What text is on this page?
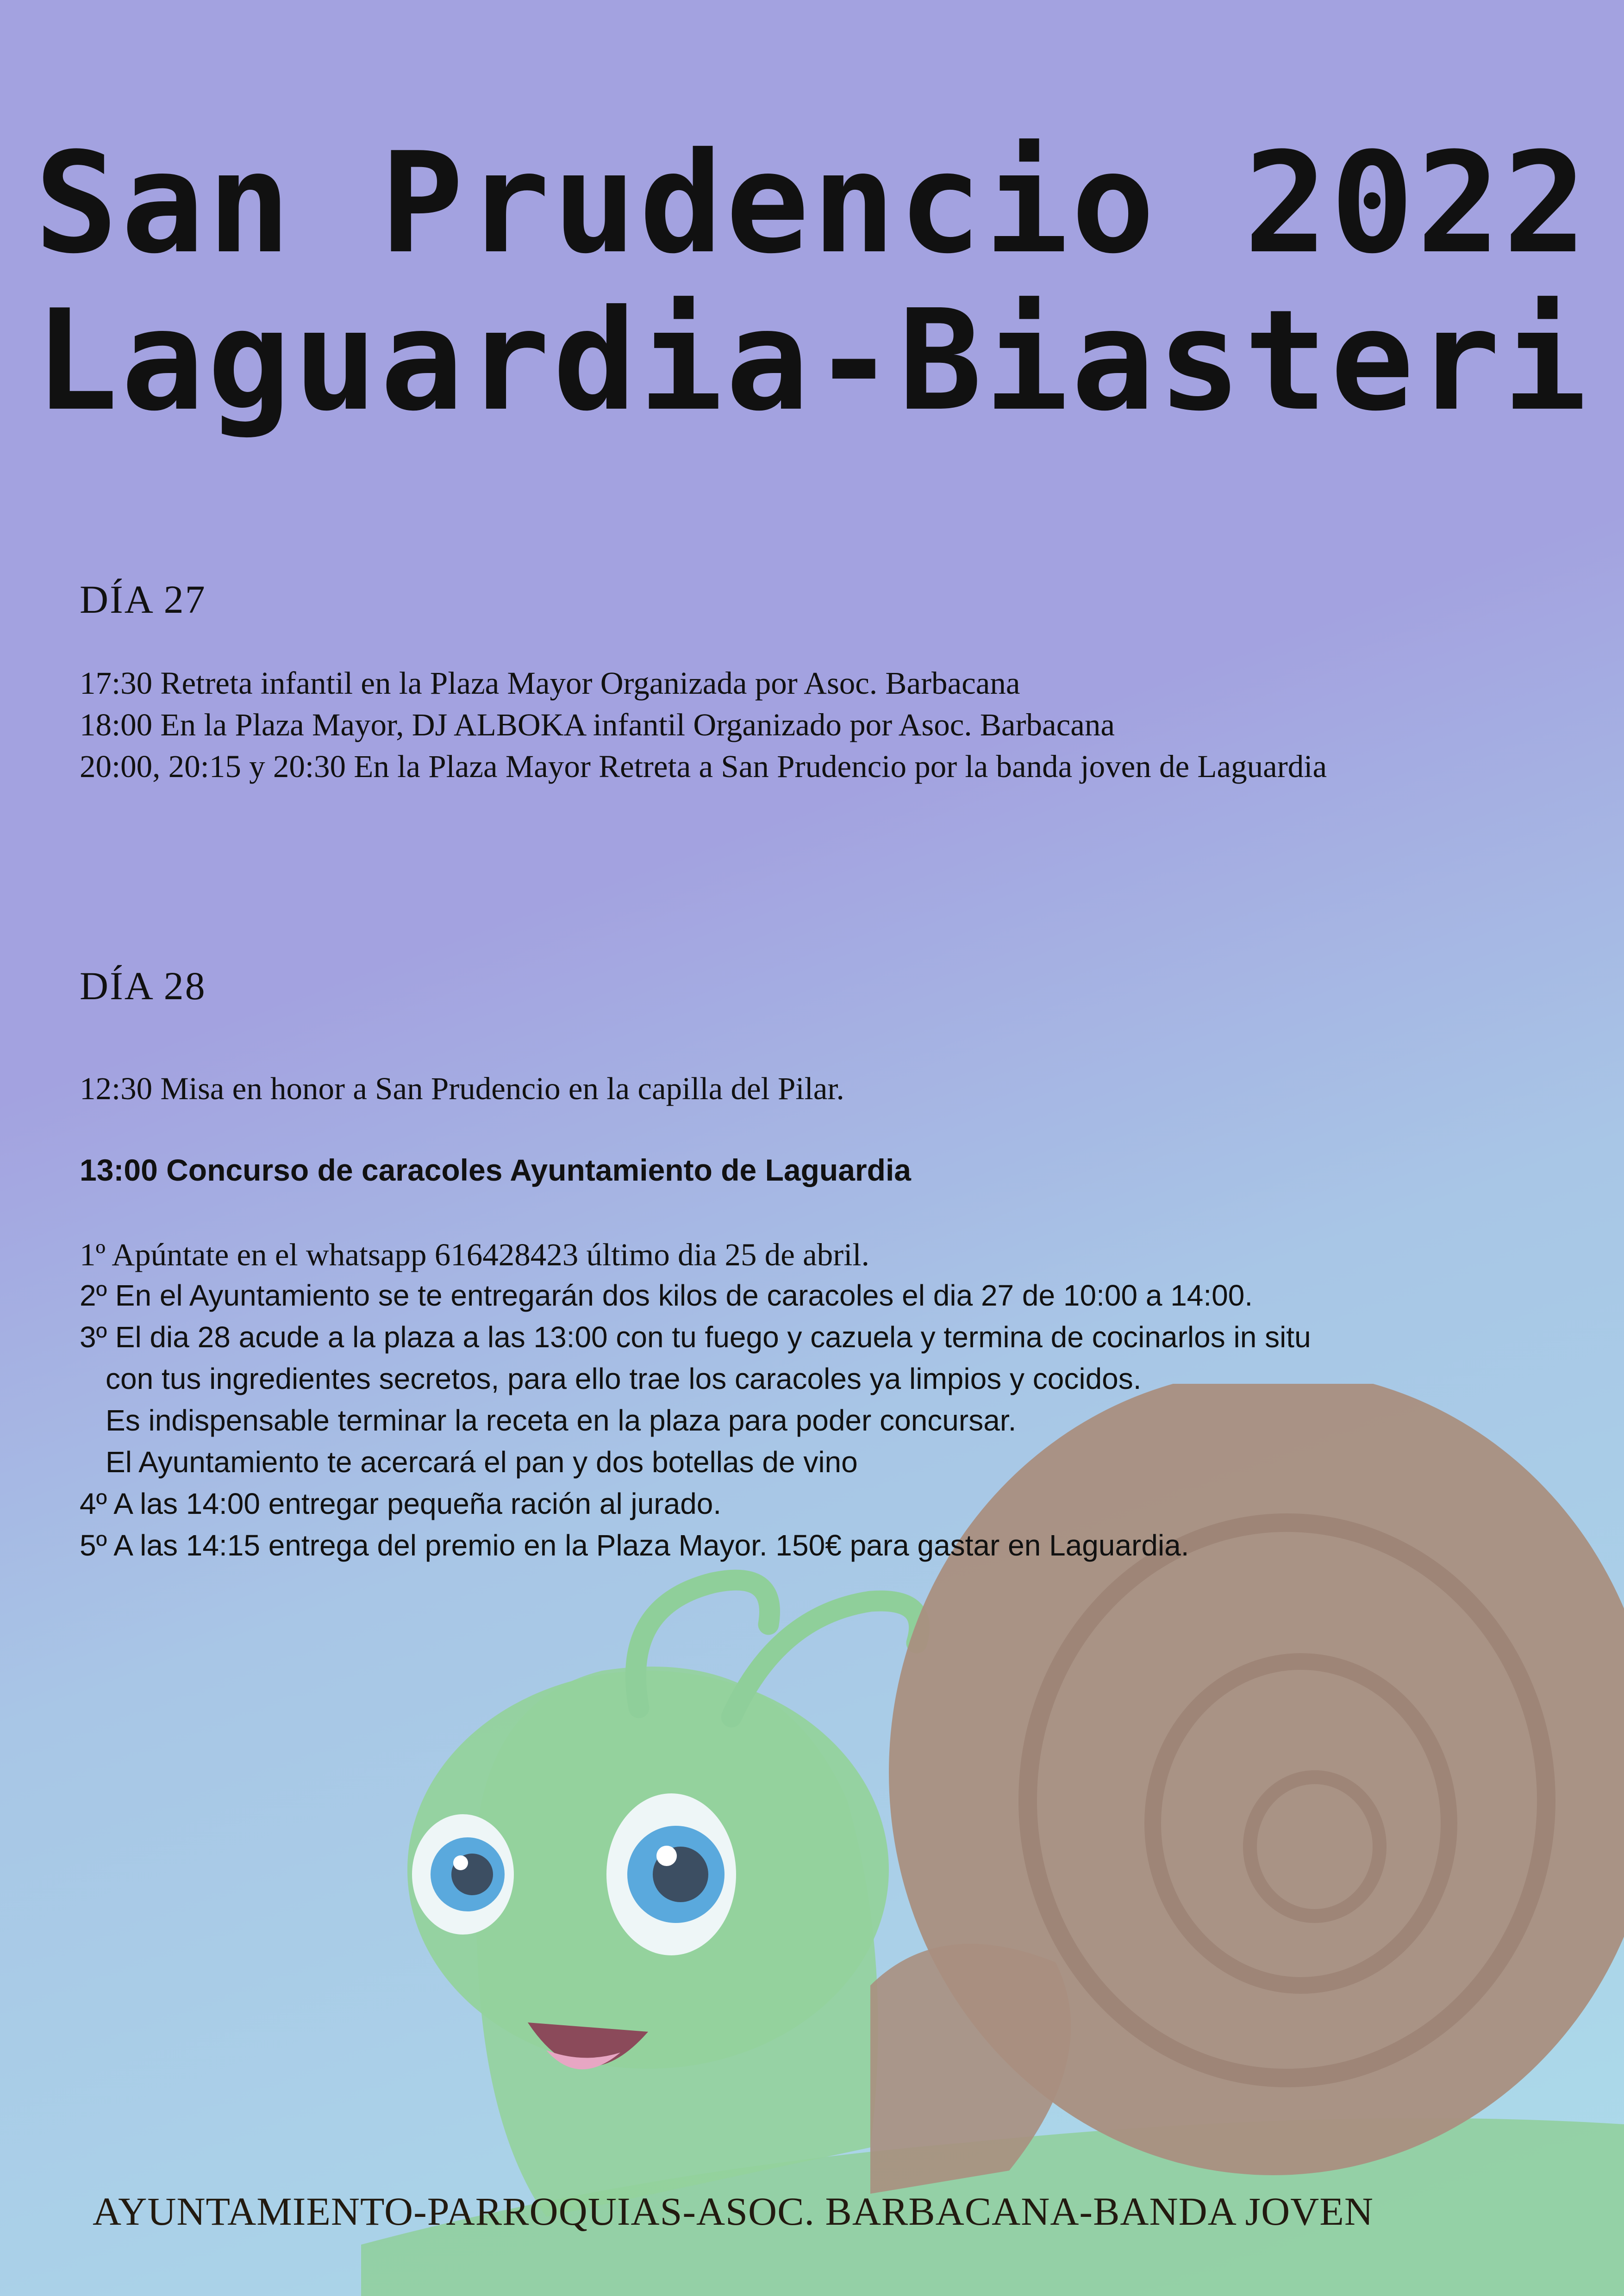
San Prudencio 2022
Laguardia-Biasteri
DÍA 27
17:30 Retreta infantil en la Plaza Mayor Organizada por Asoc. Barbacana
18:00 En la Plaza Mayor, DJ ALBOKA infantil Organizado por Asoc. Barbacana
20:00, 20:15 y 20:30 En la Plaza Mayor Retreta a San Prudencio por la banda joven de Laguardia
DÍA 28
12:30 Misa en honor a San Prudencio en la capilla del Pilar.
13:00 Concurso de caracoles Ayuntamiento de Laguardia
1º Apúntate en el whatsapp 616428423 último dia 25 de abril.
2º En el Ayuntamiento se te entregarán dos kilos de caracoles el dia 27 de 10:00 a 14:00.
3º El dia 28 acude a la plaza a las 13:00 con tu fuego y cazuela y termina de cocinarlos in situ
con tus ingredientes secretos, para ello trae los caracoles ya limpios y cocidos.
Es indispensable terminar la receta en la plaza para poder concursar.
El Ayuntamiento te acercará el pan y dos botellas de vino
4º A las 14:00 entregar pequeña ración al jurado.
5º A las 14:15 entrega del premio en la Plaza Mayor. 150€ para gastar en Laguardia.
AYUNTAMIENTO-PARROQUIAS-ASOC. BARBACANA-BANDA JOVEN
